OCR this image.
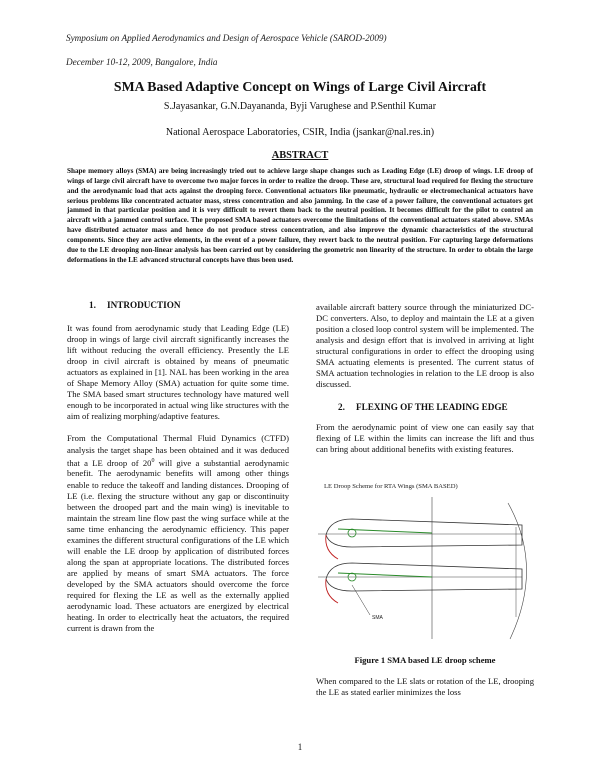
Symposium on Applied Aerodynamics and Design of Aerospace Vehicle (SAROD-2009)
December 10-12, 2009, Bangalore, India
SMA Based Adaptive Concept on Wings of Large Civil Aircraft
S.Jayasankar, G.N.Dayananda, Byji Varughese and P.Senthil Kumar
National Aerospace Laboratories, CSIR, India (jsankar@nal.res.in)
ABSTRACT

Shape memory alloys (SMA) are being increasingly tried out to achieve large shape changes such as Leading Edge (LE) droop of wings. LE droop of wings of large civil aircraft have to overcome two major forces in order to realize the droop. These are, structural load required for flexing the structure and the aerodynamic load that acts against the drooping force. Conventional actuators like pneumatic, hydraulic or electromechanical actuators have serious problems like concentrated actuator mass, stress concentration and also jamming. In the case of a power failure, the conventional actuators get jammed in that particular position and it is very difficult to revert them back to the neutral position. It becomes difficult for the pilot to control an aircraft with a jammed control surface. The proposed SMA based actuators overcome the limitations of the conventional actuators stated above. SMAs have distributed actuator mass and hence do not produce stress concentration, and also improve the dynamic characteristics of the structural components. Since they are active elements, in the event of a power failure, they revert back to the neutral position. For capturing large deformations due to the LE drooping non-linear analysis has been carried out by considering the geometric non linearity of the structure. In order to obtain the large deformations in the LE advanced structural concepts have thus been used.

1.	INTRODUCTION

It was found from aerodynamic study that Leading Edge (LE) droop in wings of large civil aircraft significantly increases the lift without reducing the overall efficiency. Presently the LE droop in civil aircraft is obtained by means of pneumatic actuators as explained in [1]. NAL has been working in the area of Shape Memory Alloy (SMA) actuation for quite some time. The SMA based smart structures technology have matured well enough to be incorporated in actual wing like structures with the aim of realizing morphing/adaptive features.

From the Computational Thermal Fluid Dynamics (CTFD) analysis the target shape has been obtained and it was deduced that a LE droop of $20^0$ will give a substantial aerodynamic benefit. The aerodynamic benefits will among other things enable to reduce the takeoff and landing distances. Drooping of LE (i.e. flexing the structure without any gap or discontinuity between the drooped part and the main wing) is inevitable to maintain the stream line flow past the wing surface while at the same time enhancing the aerodynamic efficiency. This paper examines the different structural configurations of the LE which will enable the LE droop by application of distributed forces along the span at appropriate locations. The distributed forces are applied by means of smart SMA actuators. The force developed by the SMA actuators should overcome the force required for flexing the LE as well as the externally applied aerodynamic load. These actuators are energized by electrical heating. In order to electrically heat the actuators, the required current is drawn from the

available aircraft battery source through the miniaturized DC-DC converters. Also, to deploy and maintain the LE at a given position a closed loop control system will be implemented. The analysis and design effort that is involved in arriving at light structural configurations in order to effect the drooping using SMA actuating elements is presented. The current status of SMA actuation technologies in relation to the LE droop is also discussed.

2.	FLEXING OF THE LEADING EDGE

From the aerodynamic point of view one can easily say that flexing of LE within the limits can increase the lift and thus can bring about additional benefits with existing features.

LE Droop Scheme for RTA Wings (SMA BASED)
SMA
Figure 1 SMA based LE droop scheme

When compared to the LE slats or rotation of the LE, drooping the LE as stated earlier minimizes the loss

1
